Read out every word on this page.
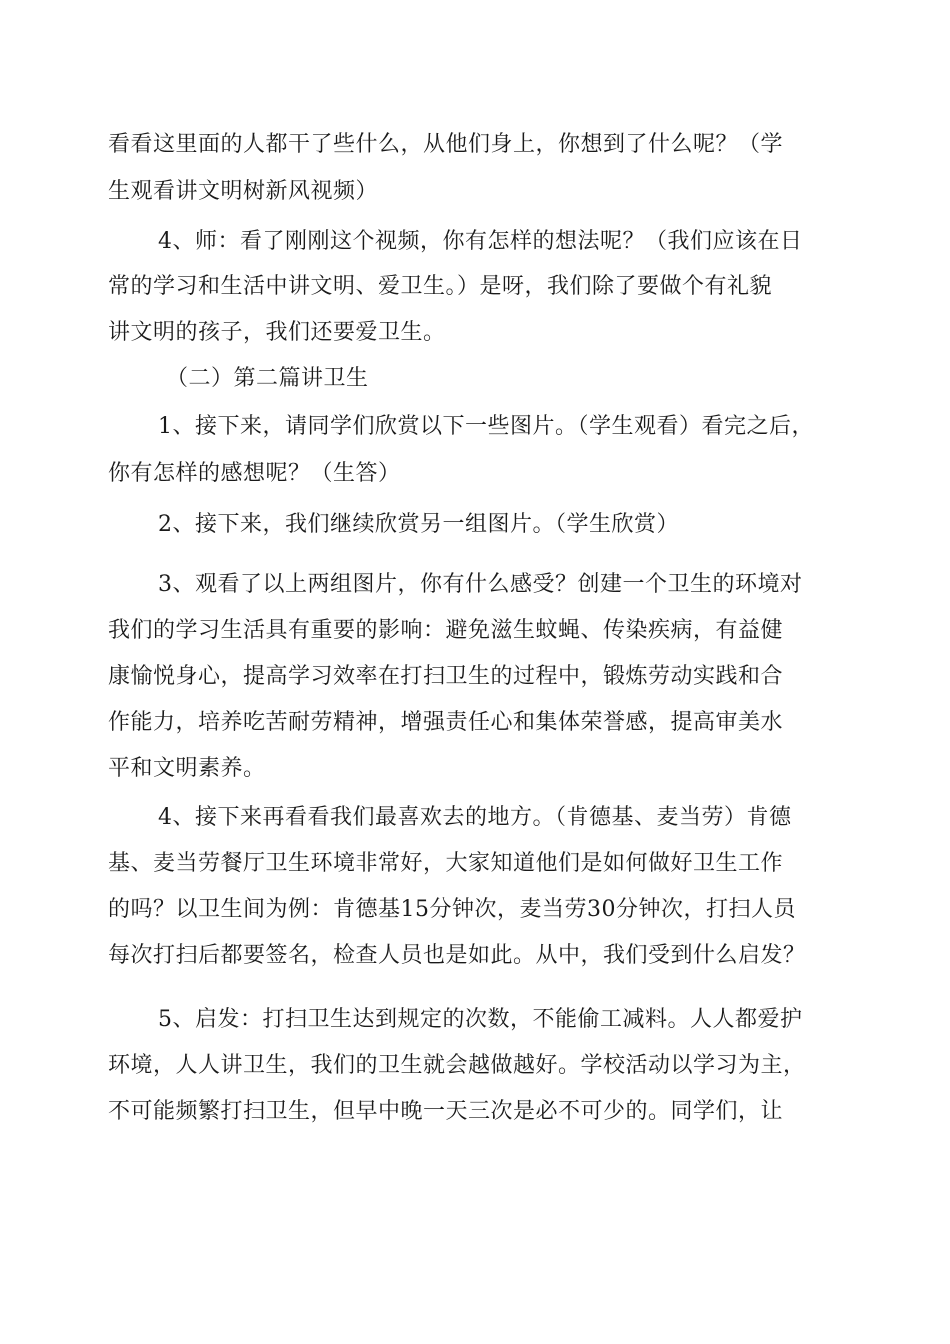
看看这里面的人都干了些什么，从他们身上，你想到了什么呢？（学
生观看讲文明树新风视频）
4、师：看了刚刚这个视频，你有怎样的想法呢？（我们应该在日
常的学习和生活中讲文明、爱卫生。）是呀，我们除了要做个有礼貌
讲文明的孩子，我们还要爱卫生。
（二）第二篇讲卫生
1、接下来，请同学们欣赏以下一些图片。（学生观看）看完之后，
你有怎样的感想呢？（生答）
2、接下来，我们继续欣赏另一组图片。（学生欣赏）
3、观看了以上两组图片，你有什么感受？创建一个卫生的环境对
我们的学习生活具有重要的影响：避免滋生蚊蝇、传染疾病，有益健
康愉悦身心，提高学习效率在打扫卫生的过程中，锻炼劳动实践和合
作能力，培养吃苦耐劳精神，增强责任心和集体荣誉感，提高审美水
平和文明素养。
4、接下来再看看我们最喜欢去的地方。（肯德基、麦当劳）肯德
基、麦当劳餐厅卫生环境非常好，大家知道他们是如何做好卫生工作
的吗？以卫生间为例：肯德基15分钟次，麦当劳30分钟次，打扫人员
每次打扫后都要签名，检查人员也是如此。从中，我们受到什么启发？
5、启发：打扫卫生达到规定的次数，不能偷工减料。人人都爱护
环境，人人讲卫生，我们的卫生就会越做越好。学校活动以学习为主，
不可能频繁打扫卫生，但早中晚一天三次是必不可少的。同学们，让
